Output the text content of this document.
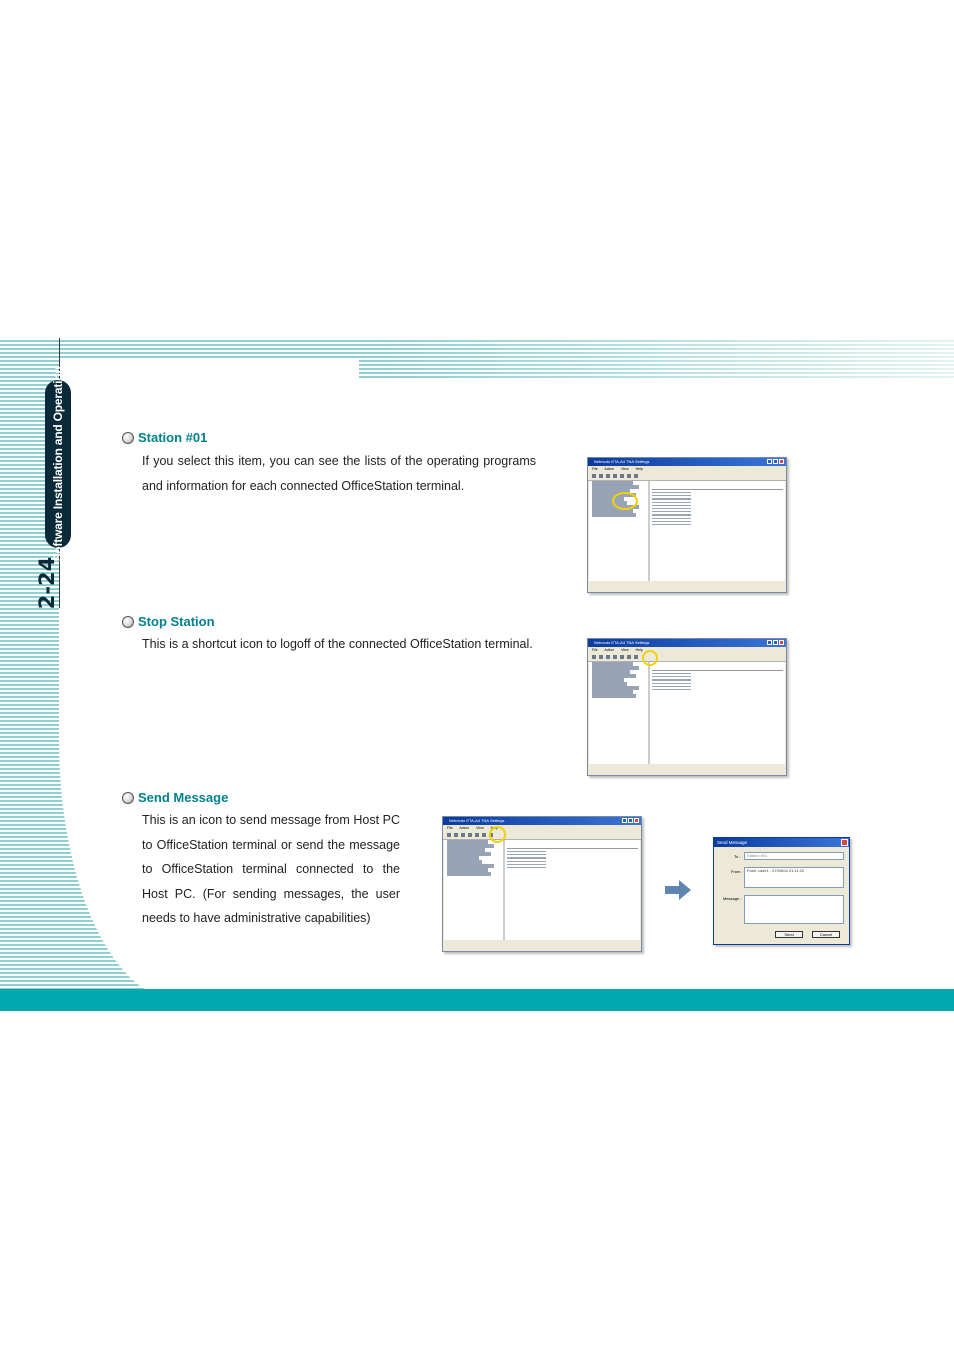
Software Installation and Operation
2-24
Station #01
If you select this item, you can see the lists of the operating programs and information for each connected OfficeStation terminal.
Netmodo ETA-A4 TNA Settings
File Action View Help
Stop Station
This is a shortcut icon to logoff of the connected OfficeStation terminal.	Netmodo ETA-A4 TNA Settings
File Action View Help
Send Message
This is an icon to send message from Host PC to OfficeStation terminal or send the message to OfficeStation terminal connected to the Host PC. (For sending messages, the user needs to have administrative capabilities)
Netmodo ETA-A4 TNA Settings
File Action View Help
Send Message
To :	Station #01
From :	From :user1 - 07/03/04 21:11:22
Message :
Send	Cancel
